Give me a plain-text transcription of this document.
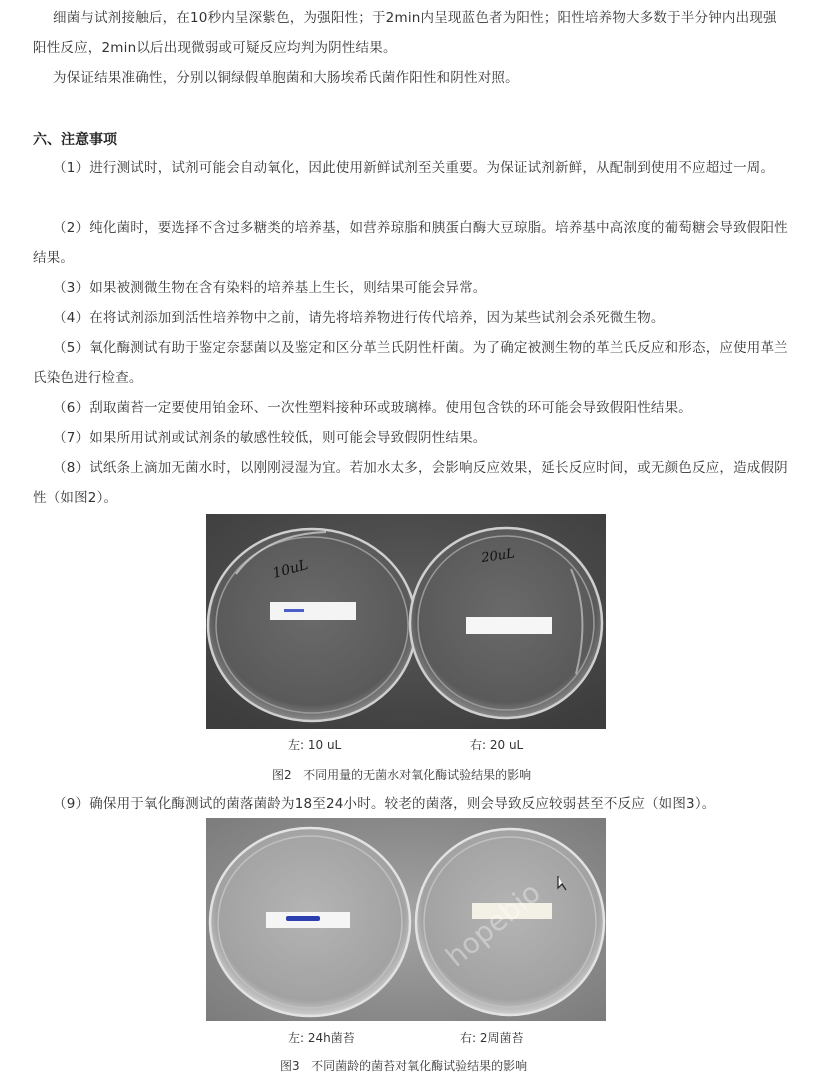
细菌与试剂接触后，在10秒内呈深紫色，为强阳性；于2min内呈现蓝色者为阳性；阳性培养物大多数于半分钟内出现强阳性反应，2min以后出现微弱或可疑反应均判为阴性结果。

为保证结果准确性，分别以铜绿假单胞菌和大肠埃希氏菌作阳性和阴性对照。

六、注意事项

（1）进行测试时，试剂可能会自动氧化，因此使用新鲜试剂至关重要。为保证试剂新鲜，从配制到使用不应超过一周。

（2）纯化菌时，要选择不含过多糖类的培养基，如营养琼脂和胰蛋白酶大豆琼脂。培养基中高浓度的葡萄糖会导致假阳性结果。

（3）如果被测微生物在含有染料的培养基上生长，则结果可能会异常。

（4）在将试剂添加到活性培养物中之前，请先将培养物进行传代培养，因为某些试剂会杀死微生物。

（5）氧化酶测试有助于鉴定奈瑟菌以及鉴定和区分革兰氏阴性杆菌。为了确定被测生物的革兰氏反应和形态，应使用革兰氏染色进行检查。

（6）刮取菌苔一定要使用铂金环、一次性塑料接种环或玻璃棒。使用包含铁的环可能会导致假阳性结果。

（7）如果所用试剂或试剂条的敏感性较低，则可能会导致假阴性结果。

（8）试纸条上滴加无菌水时，以刚刚浸湿为宜。若加水太多，会影响反应效果，延长反应时间，或无颜色反应，造成假阴性（如图2）。

10uL
20uL
左: 10 uL	右: 20 uL
图2   不同用量的无菌水对氧化酶试验结果的影响

（9）确保用于氧化酶测试的菌落菌龄为18至24小时。较老的菌落，则会导致反应较弱甚至不反应（如图3）。

hopebio
左: 24h菌苔	右: 2周菌苔
图3   不同菌龄的菌苔对氧化酶试验结果的影响
